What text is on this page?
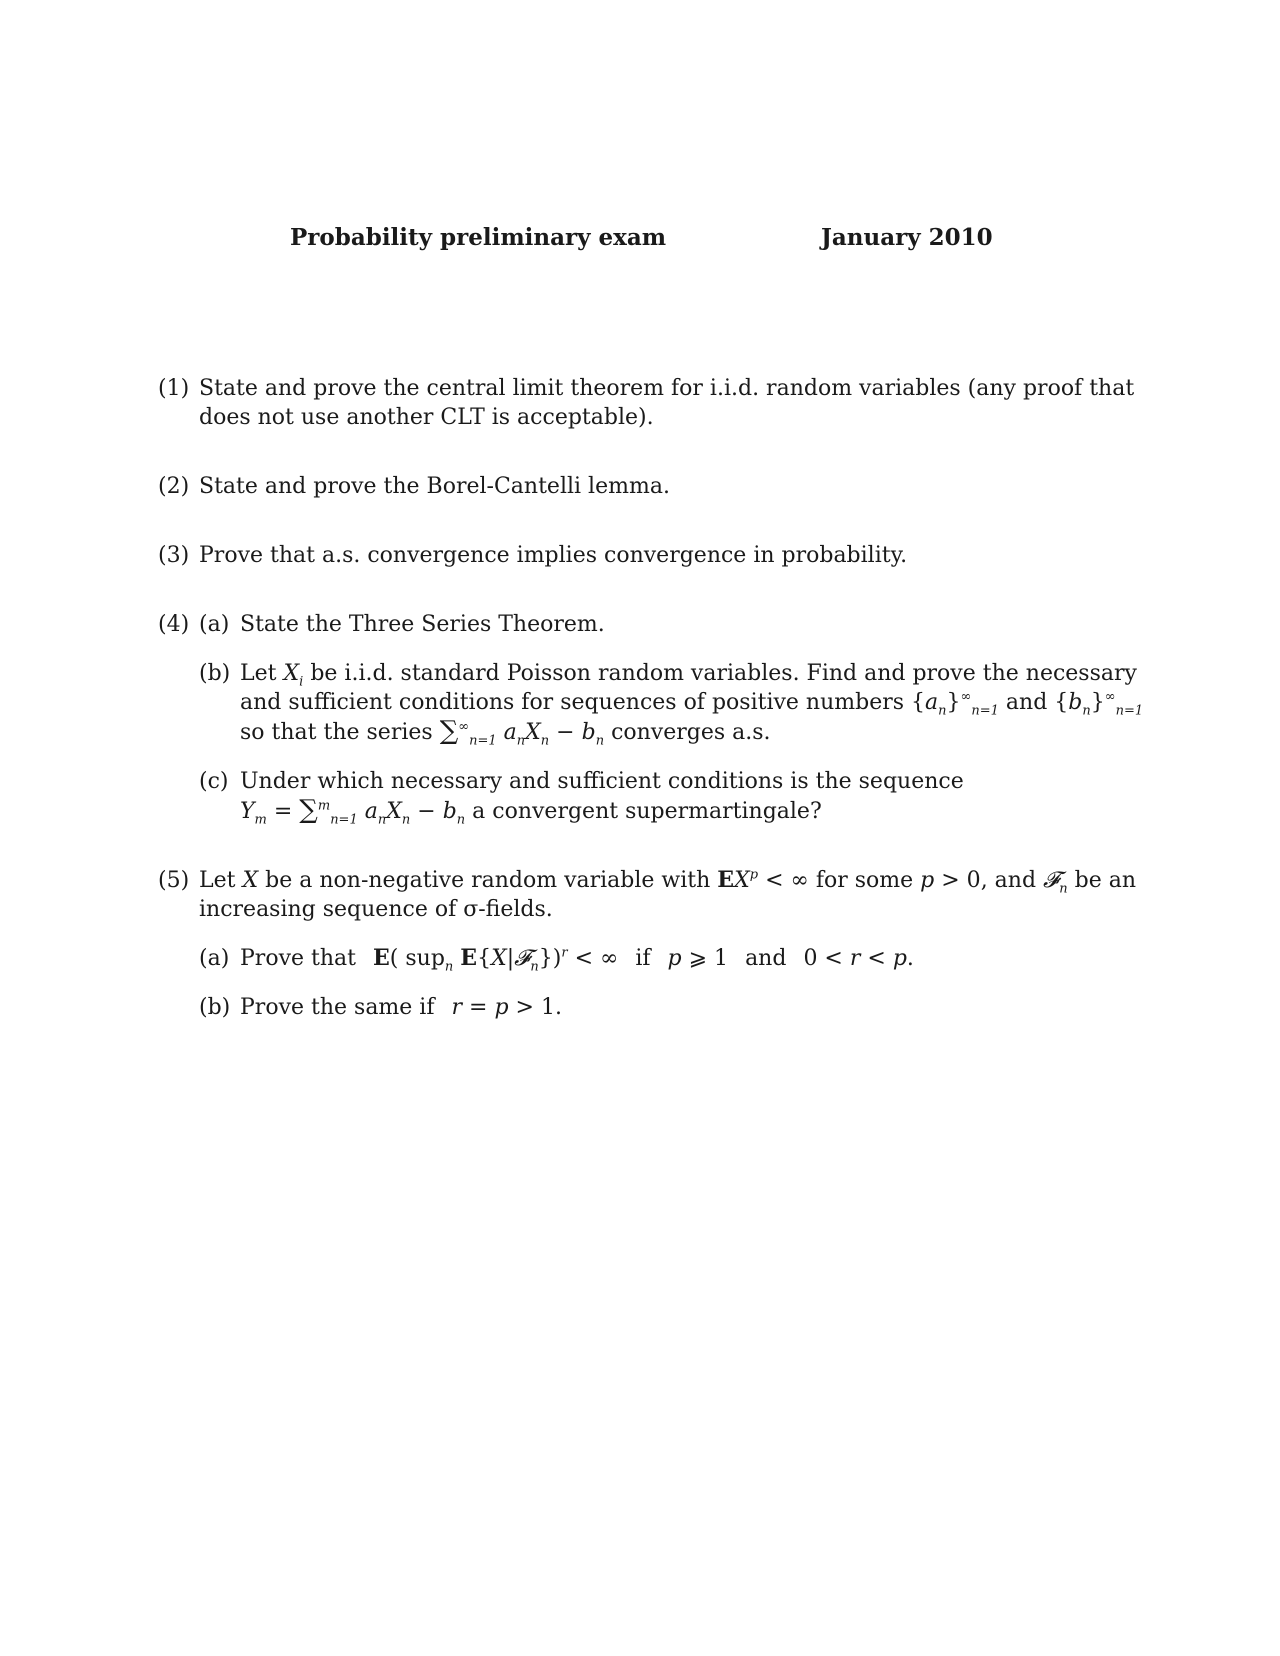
Probability preliminary exam	January 2010
(1) State and prove the central limit theorem for i.i.d. random variables (any proof that does not use another CLT is acceptable).
(2) State and prove the Borel-Cantelli lemma.
(3) Prove that a.s. convergence implies convergence in probability.
(4) (a) State the Three Series Theorem.
(b) Let $X_i$ be i.i.d. standard Poisson random variables. Find and prove the necessary and sufficient conditions for sequences of positive numbers $\{a_n\}^\infty_{n=1}$ and $\{b_n\}^\infty_{n=1}$ so that the series $\sum^\infty_{n=1}$ $a_nX_n - b_n$ converges a.s.
(c) Under which necessary and sufficient conditions is the sequence $Y_m = \sum^m_{n=1}$ $a_nX_n - b_n$ a convergent supermartingale?
(5) Let X be a non-negative random variable with $EX^p$ < ∞ for some p > 0, and 𝓕$_n$ be an increasing sequence of σ-fields.
(a) Prove that E( sup$_n$ E{X|𝓕$_n$})$^r$ < ∞ if p ⩾ 1 and 0 < r < p.
(b) Prove the same if r = p > 1.
